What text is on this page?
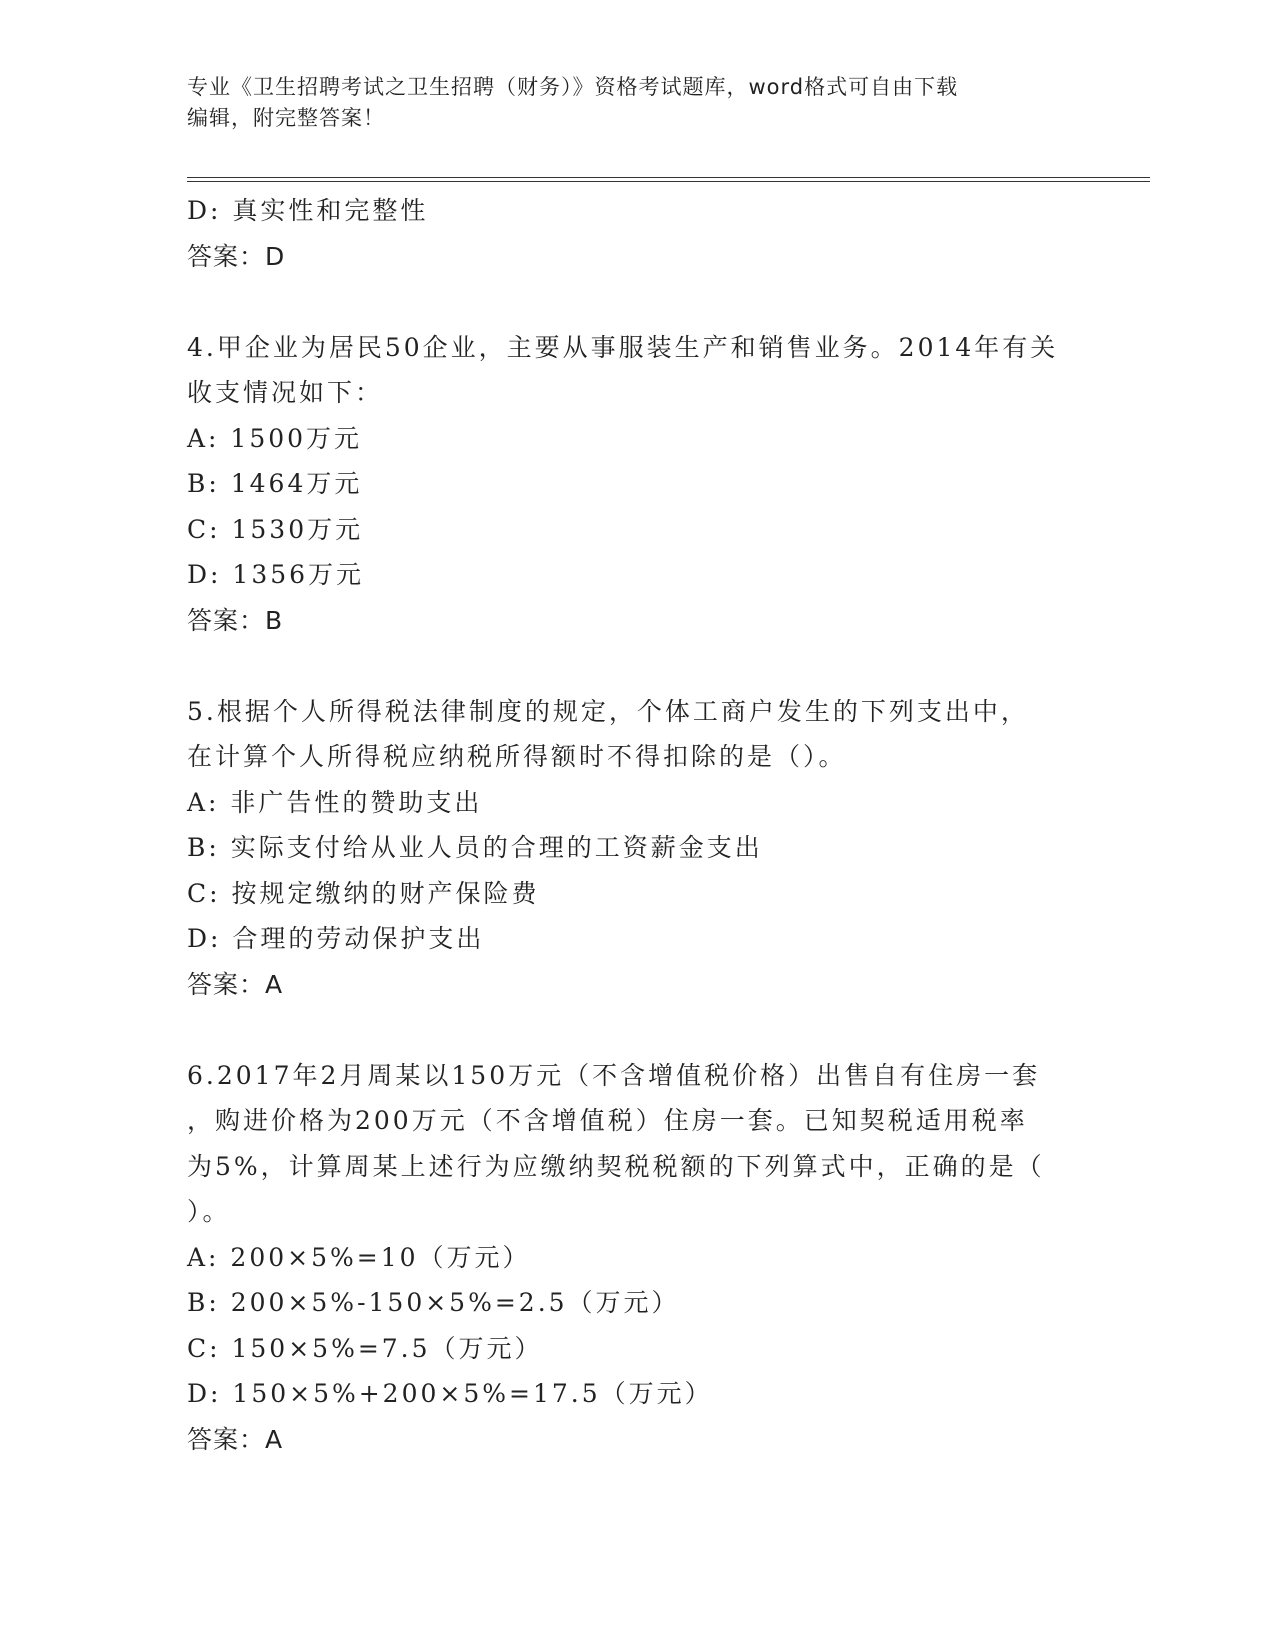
专业《卫生招聘考试之卫生招聘（财务）》资格考试题库，word格式可自由下载
编辑，附完整答案！
D: 真实性和完整性
答案：D
4.甲企业为居民50企业，主要从事服装生产和销售业务。2014年有关
收支情况如下：
A: 1500万元
B: 1464万元
C: 1530万元
D: 1356万元
答案：B
5.根据个人所得税法律制度的规定，个体工商户发生的下列支出中，
在计算个人所得税应纳税所得额时不得扣除的是（）。
A: 非广告性的赞助支出
B: 实际支付给从业人员的合理的工资薪金支出
C: 按规定缴纳的财产保险费
D: 合理的劳动保护支出
答案：A
6.2017年2月周某以150万元（不含增值税价格）出售自有住房一套
，购进价格为200万元（不含增值税）住房一套。已知契税适用税率
为5%，计算周某上述行为应缴纳契税税额的下列算式中，正确的是（
）。
A: 200×5%=10（万元）
B: 200×5%-150×5%=2.5（万元）
C: 150×5%=7.5（万元）
D: 150×5%+200×5%=17.5（万元）
答案：A
